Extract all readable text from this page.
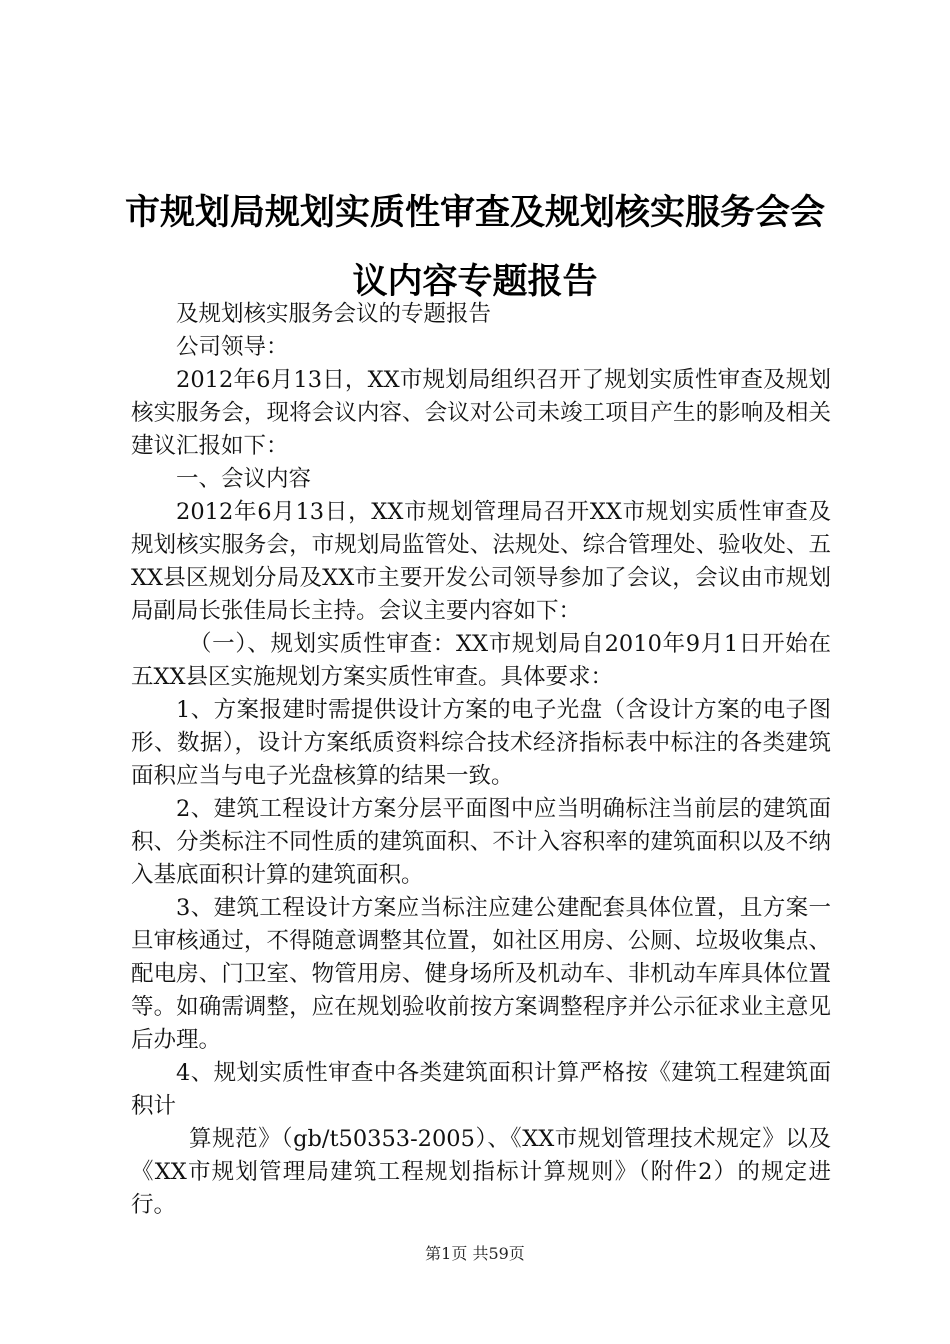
市规划局规划实质性审查及规划核实服务会会议内容专题报告

及规划核实服务会议的专题报告

公司领导：

2012年6月13日，XX市规划局组织召开了规划实质性审查及规划核实服务会，现将会议内容、会议对公司未竣工项目产生的影响及相关建议汇报如下：

一、会议内容

2012年6月13日，XX市规划管理局召开XX市规划实质性审查及规划核实服务会，市规划局监管处、法规处、综合管理处、验收处、五XX县区规划分局及XX市主要开发公司领导参加了会议，会议由市规划局副局长张佳局长主持。会议主要内容如下：

（一）、规划实质性审查：XX市规划局自2010年9月1日开始在五XX县区实施规划方案实质性审查。具体要求：

1、方案报建时需提供设计方案的电子光盘（含设计方案的电子图形、数据），设计方案纸质资料综合技术经济指标表中标注的各类建筑面积应当与电子光盘核算的结果一致。

2、建筑工程设计方案分层平面图中应当明确标注当前层的建筑面积、分类标注不同性质的建筑面积、不计入容积率的建筑面积以及不纳入基底面积计算的建筑面积。

3、建筑工程设计方案应当标注应建公建配套具体位置，且方案一旦审核通过，不得随意调整其位置，如社区用房、公厕、垃圾收集点、配电房、门卫室、物管用房、健身场所及机动车、非机动车库具体位置等。如确需调整，应在规划验收前按方案调整程序并公示征求业主意见后办理。

4、规划实质性审查中各类建筑面积计算严格按《建筑工程建筑面积计

算规范》（gb/t50353-2005）、《XX市规划管理技术规定》以及《XX市规划管理局建筑工程规划指标计算规则》（附件2）的规定进行。

第1页 共59页
